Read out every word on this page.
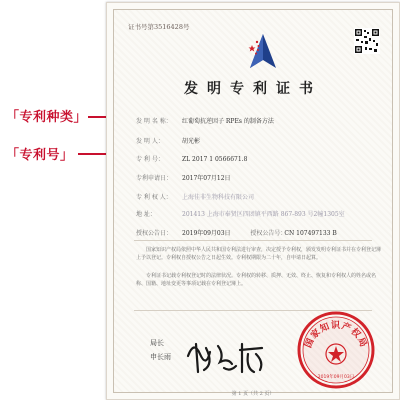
「专利种类」
「专利号」
证书号第3516428号
发明专利证书
发 明 名 称： 红葡萄抗逆因子 RPEs 的制备方法
发 明 人：	胡光彬
专 利 号：	ZL 2017 1 0566671.8
专利申请日： 2017年07月12日
专 利 权 人： 上海佳非生物科技有限公司
地 址：	201413 上海市奉贤区四团镇平西路 867-893 号2幢1305室
授权公告日： 2019年09月03日	授权公告号：CN 107497133 B
国家知识产权局依照中华人民共和国专利法进行审查，决定授予专利权，颁发发明专利证书并在专利登记簿上予以登记。专利权自授权公告之日起生效。专利权期限为二十年，自申请日起算。
专利证书记载专利权登记时的法律状况。专利权的转移、质押、无效、终止、恢复和专利权人的姓名或名称、国籍、地址变更等事项记载在专利登记簿上。
局长
申长雨
国家知识产权局
2019年09月03日
第 1 页（共 2 页）
